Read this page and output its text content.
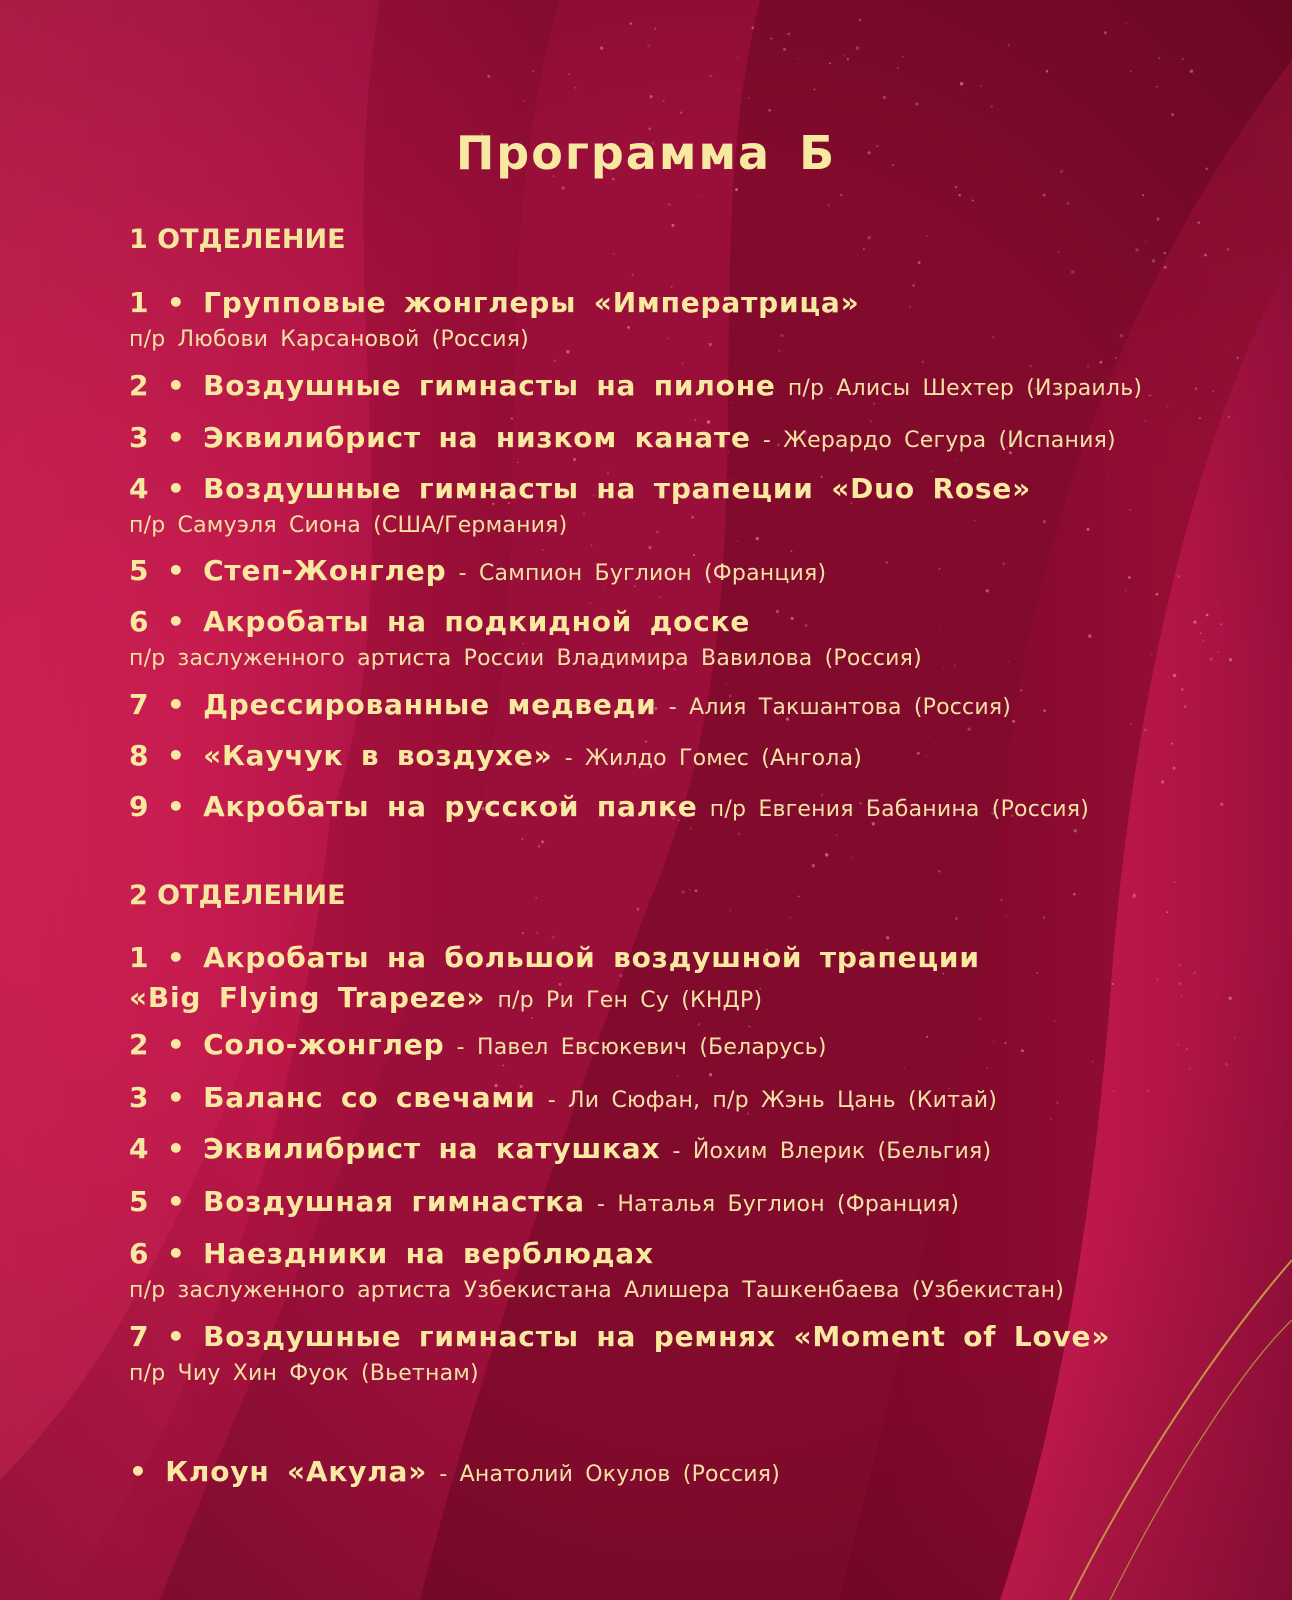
Программа Б
1 ОТДЕЛЕНИЕ
1 • Групповые жонглеры «Императрица»
п/р Любови Карсановой (Россия)
2 • Воздушные гимнасты на пилоне п/р Алисы Шехтер (Израиль)
3 • Эквилибрист на низком канате - Жерардо Сегура (Испания)
4 • Воздушные гимнасты на трапеции «Duo Rose»
п/р Самуэля Сиона (США/Германия)
5 • Степ-Жонглер - Сампион Буглион (Франция)
6 • Акробаты на подкидной доске
п/р заслуженного артиста России Владимира Вавилова (Россия)
7 • Дрессированные медведи - Алия Такшантова (Россия)
8 • «Каучук в воздухе» - Жилдо Гомес (Ангола)
9 • Акробаты на русской палке п/р Евгения Бабанина (Россия)
2 ОТДЕЛЕНИЕ
1 • Акробаты на большой воздушной трапеции
«Big Flying Trapeze» п/р Ри Ген Су (КНДР)
2 • Соло-жонглер - Павел Евсюкевич (Беларусь)
3 • Баланс со свечами - Ли Сюфан, п/р Жэнь Цань (Китай)
4 • Эквилибрист на катушках - Йохим Влерик (Бельгия)
5 • Воздушная гимнастка - Наталья Буглион (Франция)
6 • Наездники на верблюдах
п/р заслуженного артиста Узбекистана Алишера Ташкенбаева (Узбекистан)
7 • Воздушные гимнасты на ремнях «Moment of Love»
п/р Чиу Хин Фуок (Вьетнам)
• Клоун «Акула» - Анатолий Окулов (Россия)
